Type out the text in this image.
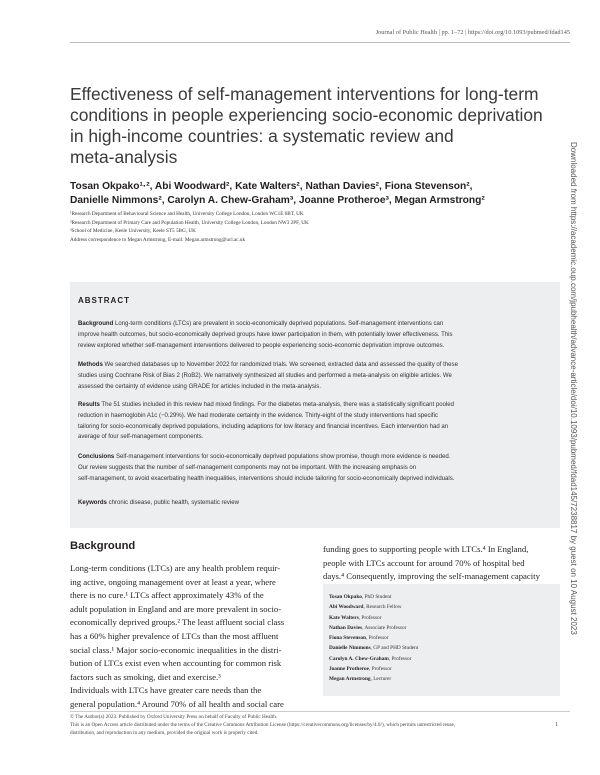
Journal of Public Health | pp. 1–72 | https://doi.org/10.1093/pubmed/fdad145
Downloaded from https://academic.oup.com/jpubhealth/advance-article/doi/10.1093/pubmed/fdad145/7238817 by guest on 10 August 2023
Effectiveness of self-management interventions for long-term
conditions in people experiencing socio-economic deprivation
in high-income countries: a systematic review and
meta-analysis
Tosan Okpako¹·², Abi Woodward², Kate Walters², Nathan Davies², Fiona Stevenson²,
Danielle Nimmons², Carolyn A. Chew-Graham³, Joanne Protheroe³, Megan Armstrong²
¹Research Department of Behavioural Science and Health, University College London, London WC1E 6BT, UK
²Research Department of Primary Care and Population Health, University College London, London NW3 2PF, UK
³School of Medicine, Keele University, Keele ST5 5BG, UK
Address correspondence to Megan Armstrong, E-mail: Megan.armstrong@ucl.ac.uk
ABSTRACT
Background Long-term conditions (LTCs) are prevalent in socio-economically deprived populations. Self-management interventions can
improve health outcomes, but socio-economically deprived groups have lower participation in them, with potentially lower effectiveness. This
review explored whether self-management interventions delivered to people experiencing socio-economic deprivation improve outcomes.
Methods We searched databases up to November 2022 for randomized trials. We screened, extracted data and assessed the quality of these
studies using Cochrane Risk of Bias 2 (RoB2). We narratively synthesized all studies and performed a meta-analysis on eligible articles. We
assessed the certainty of evidence using GRADE for articles included in the meta-analysis.
Results The 51 studies included in this review had mixed findings. For the diabetes meta-analysis, there was a statistically significant pooled
reduction in haemoglobin A1c (−0.29%). We had moderate certainty in the evidence. Thirty-eight of the study interventions had specific
tailoring for socio-economically deprived populations, including adaptions for low literacy and financial incentives. Each intervention had an
average of four self-management components.
Conclusions Self-management interventions for socio-economically deprived populations show promise, though more evidence is needed.
Our review suggests that the number of self-management components may not be important. With the increasing emphasis on
self-management, to avoid exacerbating health inequalities, interventions should include tailoring for socio-economically deprived individuals.
Keywords chronic disease, public health, systematic review
Background
Long-term conditions (LTCs) are any health problem requir-
ing active, ongoing management over at least a year, where
there is no cure.¹ LTCs affect approximately 43% of the
adult population in England and are more prevalent in socio-
economically deprived groups.² The least affluent social class
has a 60% higher prevalence of LTCs than the most affluent
social class.¹ Major socio-economic inequalities in the distri-
bution of LTCs exist even when accounting for common risk
factors such as smoking, diet and exercise.³
Individuals with LTCs have greater care needs than the
general population.⁴ Around 70% of all health and social care
funding goes to supporting people with LTCs.⁴ In England,
people with LTCs account for around 70% of hospital bed
days.⁴ Consequently, improving the self-management capacity
Tosan Okpako, PhD Student
Abi Woodward, Research Fellow
Kate Walters, Professor
Nathan Davies, Associate Professor
Fiona Stevenson, Professor
Danielle Nimmons, GP and PHD Student
Carolyn A. Chew-Graham, Professor
Joanne Protheroe, Professor
Megan Armstrong, Lecturer
© The Author(s) 2023. Published by Oxford University Press on behalf of Faculty of Public Health.
This is an Open Access article distributed under the terms of the Creative Commons Attribution License (https://creativecommons.org/licenses/by/4.0/), which permits unrestricted reuse,
distribution, and reproduction in any medium, provided the original work is properly cited.
1
